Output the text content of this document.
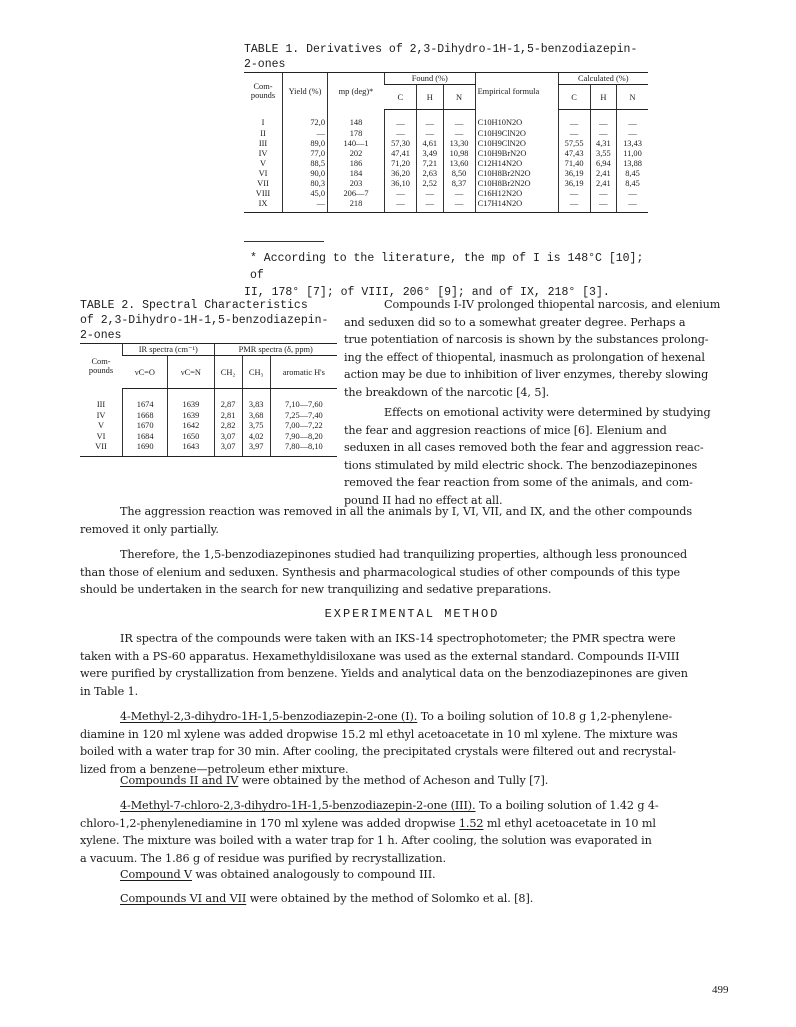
TABLE 1. Derivatives of 2,3-Dihydro-1H-1,5-benzodiazepin-
2-ones
Com-pounds	Yield (%)	mp (deg)*	Found (%)			Empirical formula	Calculated (%)		
			C	H	N		C	H	N
I	72,0	148	—	—	—	C10H10N2O	—	—	—
II	—	178	—	—	—	C10H9ClN2O	—	—	—
III	89,0	140—1	57,30	4,61	13,30	C10H9ClN2O	57,55	4,31	13,43
IV	77,0	202	47,41	3,49	10,98	C10H9BrN2O	47,43	3,55	11,00
V	88,5	186	71,20	7,21	13,60	C12H14N2O	71,40	6,94	13,88
VI	90,0	184	36,20	2,63	8,50	C10H8Br2N2O	36,19	2,41	8,45
VII	80,3	203	36,10	2,52	8,37	C10H8Br2N2O	36,19	2,41	8,45
VIII	45,0	206—7	—	—	—	C16H12N2O	—	—	—
IX	—	218	—	—	—	C17H14N2O	—	—	—
* According to the literature, the mp of I is 148°C [10]; of
II, 178° [7]; of VIII, 206° [9]; and of IX, 218° [3].
TABLE 2. Spectral Characteristics
of 2,3-Dihydro-1H-1,5-benzodiazepin-
2-ones
Com-pounds	IR spectra (cm⁻¹)		PMR spectra (δ, ppm)		
	νC=O	νC=N	CH₂	CH₃	aromatic H's
III	1674	1639	2,87	3,83	7,10—7,60
IV	1668	1639	2,81	3,68	7,25—7,40
V	1670	1642	2,82	3,75	7,00—7,22
VI	1684	1650	3,07	4,02	7,90—8,20
VII	1690	1643	3,07	3,97	7,80—8,10
Compounds I-IV prolonged thiopental narcosis, and elenium
and seduxen did so to a somewhat greater degree. Perhaps a
true potentiation of narcosis is shown by the substances prolong-
ing the effect of thiopental, inasmuch as prolongation of hexenal
action may be due to inhibition of liver enzymes, thereby slowing
the breakdown of the narcotic [4, 5].
Effects on emotional activity were determined by studying
the fear and aggresion reactions of mice [6]. Elenium and
seduxen in all cases removed both the fear and aggression reac-
tions stimulated by mild electric shock. The benzodiazepinones
removed the fear reaction from some of the animals, and com-
pound II had no effect at all.
The aggression reaction was removed in all the animals by I, VI, VII, and IX, and the other compounds
removed it only partially.
Therefore, the 1,5-benzodiazepinones studied had tranquilizing properties, although less pronounced
than those of elenium and seduxen. Synthesis and pharmacological studies of other compounds of this type
should be undertaken in the search for new tranquilizing and sedative preparations.
EXPERIMENTAL METHOD
IR spectra of the compounds were taken with an IKS-14 spectrophotometer; the PMR spectra were
taken with a PS-60 apparatus. Hexamethyldisiloxane was used as the external standard. Compounds II-VIII
were purified by crystallization from benzene. Yields and analytical data on the benzodiazepinones are given
in Table 1.
4-Methyl-2,3-dihydro-1H-1,5-benzodiazepin-2-one (I). To a boiling solution of 10.8 g 1,2-phenylene-
diamine in 120 ml xylene was added dropwise 15.2 ml ethyl acetoacetate in 10 ml xylene. The mixture was
boiled with a water trap for 30 min. After cooling, the precipitated crystals were filtered out and recrystal-
lized from a benzene—petroleum ether mixture.
Compounds II and IV were obtained by the method of Acheson and Tully [7].
4-Methyl-7-chloro-2,3-dihydro-1H-1,5-benzodiazepin-2-one (III). To a boiling solution of 1.42 g 4-
chloro-1,2-phenylenediamine in 170 ml xylene was added dropwise 1.52 ml ethyl acetoacetate in 10 ml
xylene. The mixture was boiled with a water trap for 1 h. After cooling, the solution was evaporated in
a vacuum. The 1.86 g of residue was purified by recrystallization.
Compound V was obtained analogously to compound III.
Compounds VI and VII were obtained by the method of Solomko et al. [8].
499
